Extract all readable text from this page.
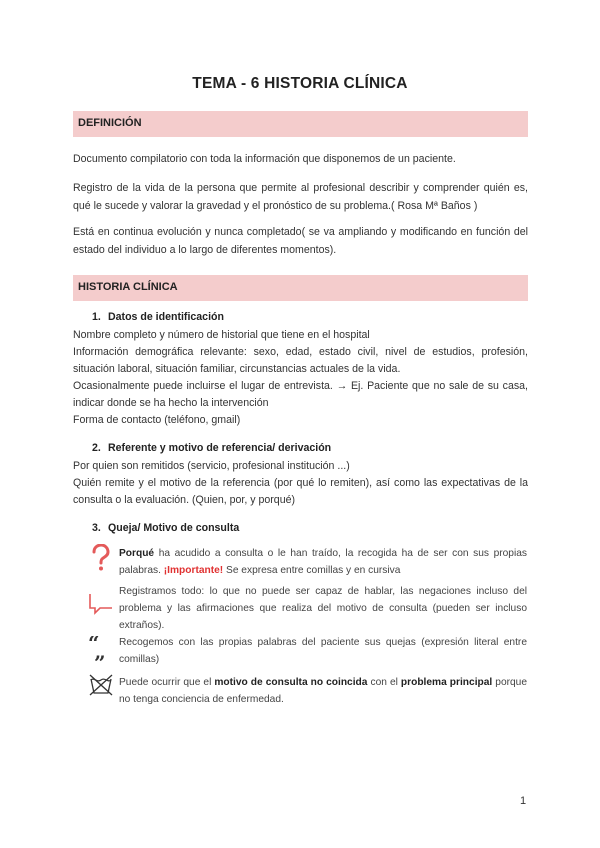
TEMA - 6 HISTORIA CLÍNICA
DEFINICIÓN
Documento compilatorio con toda la información que disponemos de un paciente.
Registro de la vida de la persona que permite al profesional describir y comprender quién es, qué le sucede y valorar la gravedad y el pronóstico de su problema.( Rosa Mª Baños )
Está en continua evolución y nunca completado( se va ampliando y modificando en función del estado del individuo a lo largo de diferentes momentos).
HISTORIA CLÍNICA
1. Datos de identificación
Nombre completo y número de historial que tiene en el hospital
Información demográfica relevante: sexo, edad, estado civil, nivel de estudios, profesión, situación laboral, situación familiar, circunstancias actuales de la vida.
Ocasionalmente puede incluirse el lugar de entrevista. → Ej. Paciente que no sale de su casa, indicar donde se ha hecho la intervención
Forma de contacto (teléfono, gmail)
2. Referente y motivo de referencia/ derivación
Por quien son remitidos (servicio, profesional institución ...)
Quién remite y el motivo de la referencia (por qué lo remiten), así como las expectativas de la consulta o la evaluación. (Quien, por, y porqué)
3. Queja/ Motivo de consulta
Porqué ha acudido a consulta o le han traído, la recogida ha de ser con sus propias palabras. ¡Importante! Se expresa entre comillas y en cursiva
Registramos todo: lo que no puede ser capaz de hablar, las negaciones incluso del problema y las afirmaciones que realiza del motivo de consulta (pueden ser incluso extraños).
“
”
Recogemos con las propias palabras del paciente sus quejas (expresión literal entre comillas)
Puede ocurrir que el motivo de consulta no coincida con el problema principal porque no tenga conciencia de enfermedad.
1
